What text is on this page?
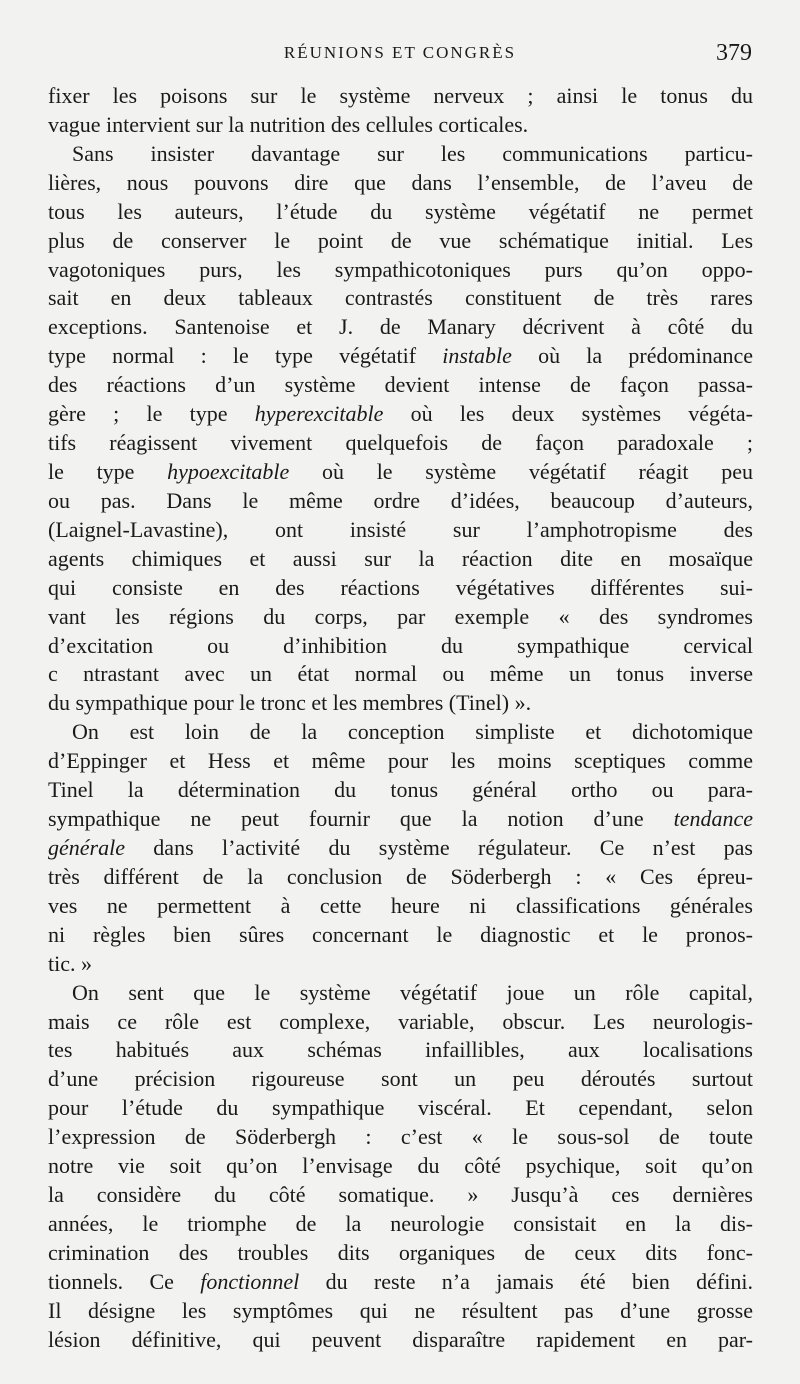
RÉUNIONS ET CONGRÈS	379
fixer les poisons sur le système nerveux ; ainsi le tonus du
vague intervient sur la nutrition des cellules corticales.
Sans insister davantage sur les communications particu-
lières, nous pouvons dire que dans l’ensemble, de l’aveu de
tous les auteurs, l’étude du système végétatif ne permet
plus de conserver le point de vue schématique initial. Les
vagotoniques purs, les sympathicotoniques purs qu’on oppo-
sait en deux tableaux contrastés constituent de très rares
exceptions. Santenoise et J. de Manary décrivent à côté du
type normal : le type végétatif instable où la prédominance
des réactions d’un système devient intense de façon passa-
gère ; le type hyperexcitable où les deux systèmes végéta-
tifs réagissent vivement quelquefois de façon paradoxale ;
le type hypoexcitable où le système végétatif réagit peu
ou pas. Dans le même ordre d’idées, beaucoup d’auteurs,
(Laignel-Lavastine), ont insisté sur l’amphotropisme des
agents chimiques et aussi sur la réaction dite en mosaïque
qui consiste en des réactions végétatives différentes sui-
vant les régions du corps, par exemple « des syndromes
d’excitation ou d’inhibition du sympathique cervical
c ntrastant avec un état normal ou même un tonus inverse
du sympathique pour le tronc et les membres (Tinel) ».
On est loin de la conception simpliste et dichotomique
d’Eppinger et Hess et même pour les moins sceptiques comme
Tinel la détermination du tonus général ortho ou para-
sympathique ne peut fournir que la notion d’une tendance
générale dans l’activité du système régulateur. Ce n’est pas
très différent de la conclusion de Söderbergh : « Ces épreu-
ves ne permettent à cette heure ni classifications générales
ni règles bien sûres concernant le diagnostic et le pronos-
tic. »
On sent que le système végétatif joue un rôle capital,
mais ce rôle est complexe, variable, obscur. Les neurologis-
tes habitués aux schémas infaillibles, aux localisations
d’une précision rigoureuse sont un peu déroutés surtout
pour l’étude du sympathique viscéral. Et cependant, selon
l’expression de Söderbergh : c’est « le sous-sol de toute
notre vie soit qu’on l’envisage du côté psychique, soit qu’on
la considère du côté somatique. » Jusqu’à ces dernières
années, le triomphe de la neurologie consistait en la dis-
crimination des troubles dits organiques de ceux dits fonc-
tionnels. Ce fonctionnel du reste n’a jamais été bien défini.
Il désigne les symptômes qui ne résultent pas d’une grosse
lésion définitive, qui peuvent disparaître rapidement en par-
